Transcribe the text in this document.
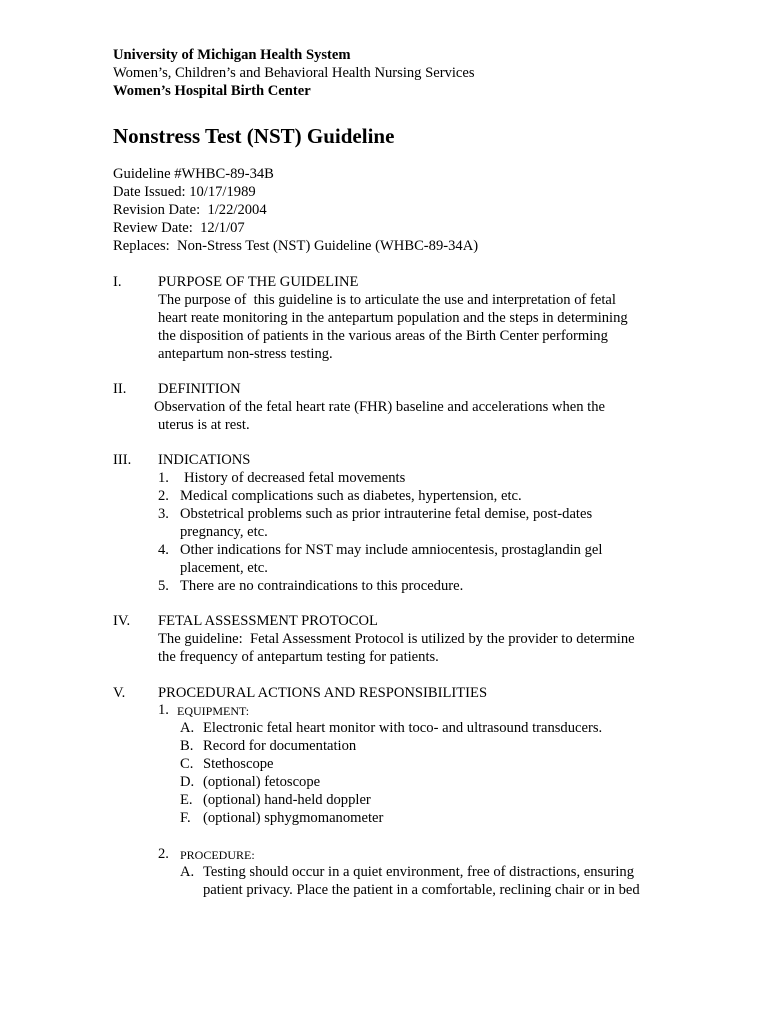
University of Michigan Health System
Women’s, Children’s and Behavioral Health Nursing Services
Women’s Hospital Birth Center
Nonstress Test (NST) Guideline
Guideline #WHBC-89-34B
Date Issued: 10/17/1989
Revision Date:  1/22/2004
Review Date:  12/1/07
Replaces:  Non-Stress Test (NST) Guideline (WHBC-89-34A)
I. PURPOSE OF THE GUIDELINE
The purpose of  this guideline is to articulate the use and interpretation of fetal
heart reate monitoring in the antepartum population and the steps in determining
the disposition of patients in the various areas of the Birth Center performing
antepartum non-stress testing.
II. DEFINITION
Observation of the fetal heart rate (FHR) baseline and accelerations when the
uterus is at rest.
III. INDICATIONS
1. History of decreased fetal movements
2. Medical complications such as diabetes, hypertension, etc.
3. Obstetrical problems such as prior intrauterine fetal demise, post-dates
pregnancy, etc.
4. Other indications for NST may include amniocentesis, prostaglandin gel
placement, etc.
5. There are no contraindications to this procedure.
IV. FETAL ASSESSMENT PROTOCOL
The guideline:  Fetal Assessment Protocol is utilized by the provider to determine
the frequency of antepartum testing for patients.
V. PROCEDURAL ACTIONS AND RESPONSIBILITIES
1. EQUIPMENT:
A. Electronic fetal heart monitor with toco- and ultrasound transducers.
B. Record for documentation
C. Stethoscope
D. (optional) fetoscope
E. (optional) hand-held doppler
F. (optional) sphygmomanometer
2. PROCEDURE:
A. Testing should occur in a quiet environment, free of distractions, ensuring
patient privacy. Place the patient in a comfortable, reclining chair or in bed
